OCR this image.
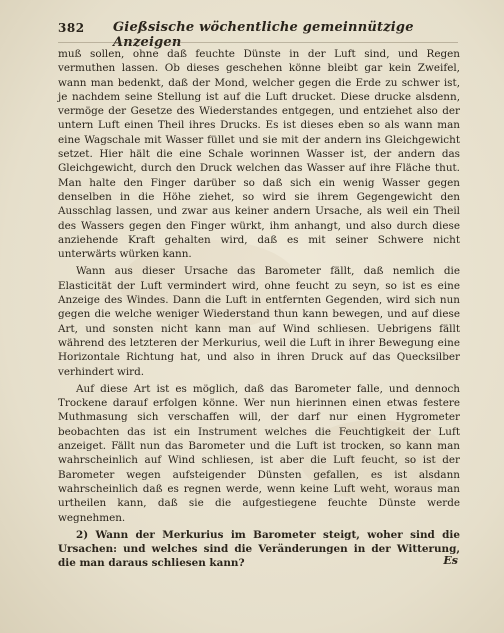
382 Gießsische wöchentliche gemeinnützige Anzeigen

muß sollen, ohne daß feuchte Dünste in der Luft sind, und Regen vermuthen lassen. Ob dieses geschehen könne bleibt gar kein Zweifel, wann man bedenkt, daß der Mond, welcher gegen die Erde zu schwer ist, je nachdem seine Stellung ist auf die Luft drucket. Diese drucke alsdenn, vermöge der Gesetze des Wiederstandes entgegen, und entziehet also der untern Luft einen Theil ihres Drucks. Es ist dieses eben so als wann man eine Wagschale mit Wasser füllet und sie mit der andern ins Gleichgewicht setzet. Hier hält die eine Schale worinnen Wasser ist, der andern das Gleichgewicht, durch den Druck welchen das Wasser auf ihre Fläche thut. Man halte den Finger darüber so daß sich ein wenig Wasser gegen denselben in die Höhe ziehet, so wird sie ihrem Gegengewicht den Ausschlag lassen, und zwar aus keiner andern Ursache, als weil ein Theil des Wassers gegen den Finger würkt, ihm anhangt, und also durch diese anziehende Kraft gehalten wird, daß es mit seiner Schwere nicht unterwärts würken kann.

Wann aus dieser Ursache das Barometer fällt, daß nemlich die Elasticität der Luft vermindert wird, ohne feucht zu seyn, so ist es eine Anzeige des Windes. Dann die Luft in entfernten Gegenden, wird sich nun gegen die welche weniger Wiederstand thun kann bewegen, und auf diese Art, und sonsten nicht kann man auf Wind schliesen. Uebrigens fällt während des letzteren der Merkurius, weil die Luft in ihrer Bewegung eine Horizontale Richtung hat, und also in ihren Druck auf das Quecksilber verhindert wird.

Auf diese Art ist es möglich, daß das Barometer falle, und dennoch Trockene darauf erfolgen könne. Wer nun hierinnen einen etwas festere Muthmasung sich verschaffen will, der darf nur einen Hygrometer beobachten das ist ein Instrument welches die Feuchtigkeit der Luft anzeiget. Fällt nun das Barometer und die Luft ist trocken, so kann man wahrscheinlich auf Wind schliesen, ist aber die Luft feucht, so ist der Barometer wegen aufsteigender Dünsten gefallen, es ist alsdann wahrscheinlich daß es regnen werde, wenn keine Luft weht, woraus man urtheilen kann, daß sie die aufgestiegene feuchte Dünste werde wegnehmen.

2) Wann der Merkurius im Barometer steigt, woher sind die Ursachen: und welches sind die Veränderungen in der Witterung, die man daraus schliesen kann?	Es
